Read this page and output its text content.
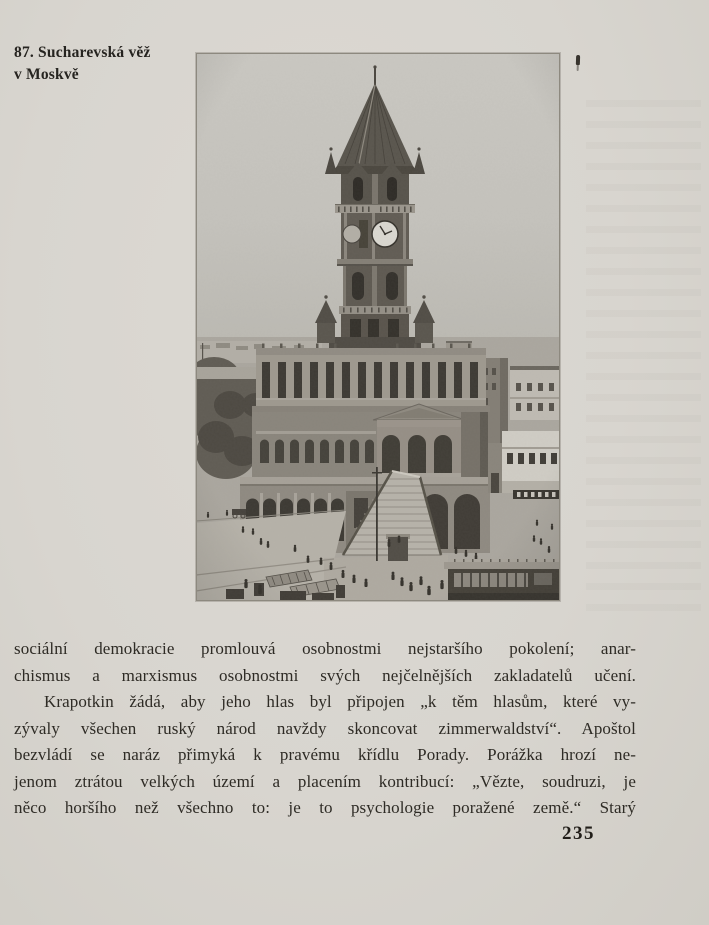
87. Sucharevská věž
v Moskvě

sociální demokracie promlouvá osobnostmi nejstaršího pokolení; anar-

chismus a marxismus osobnostmi svých nejčelnějších zakladatelů učení.

Krapotkin žádá, aby jeho hlas byl připojen „k těm hlasům, které vy-

zývaly všechen ruský národ navždy skoncovat zimmerwaldství“. Apoštol

bezvládí se naráz přimyká k pravému křídlu Porady. Porážka hrozí ne-

jenom ztrátou velkých území a placením kontribucí: „Vězte, soudruzi, je

něco horšího než všechno to: je to psychologie poražené země.“ Starý

235
